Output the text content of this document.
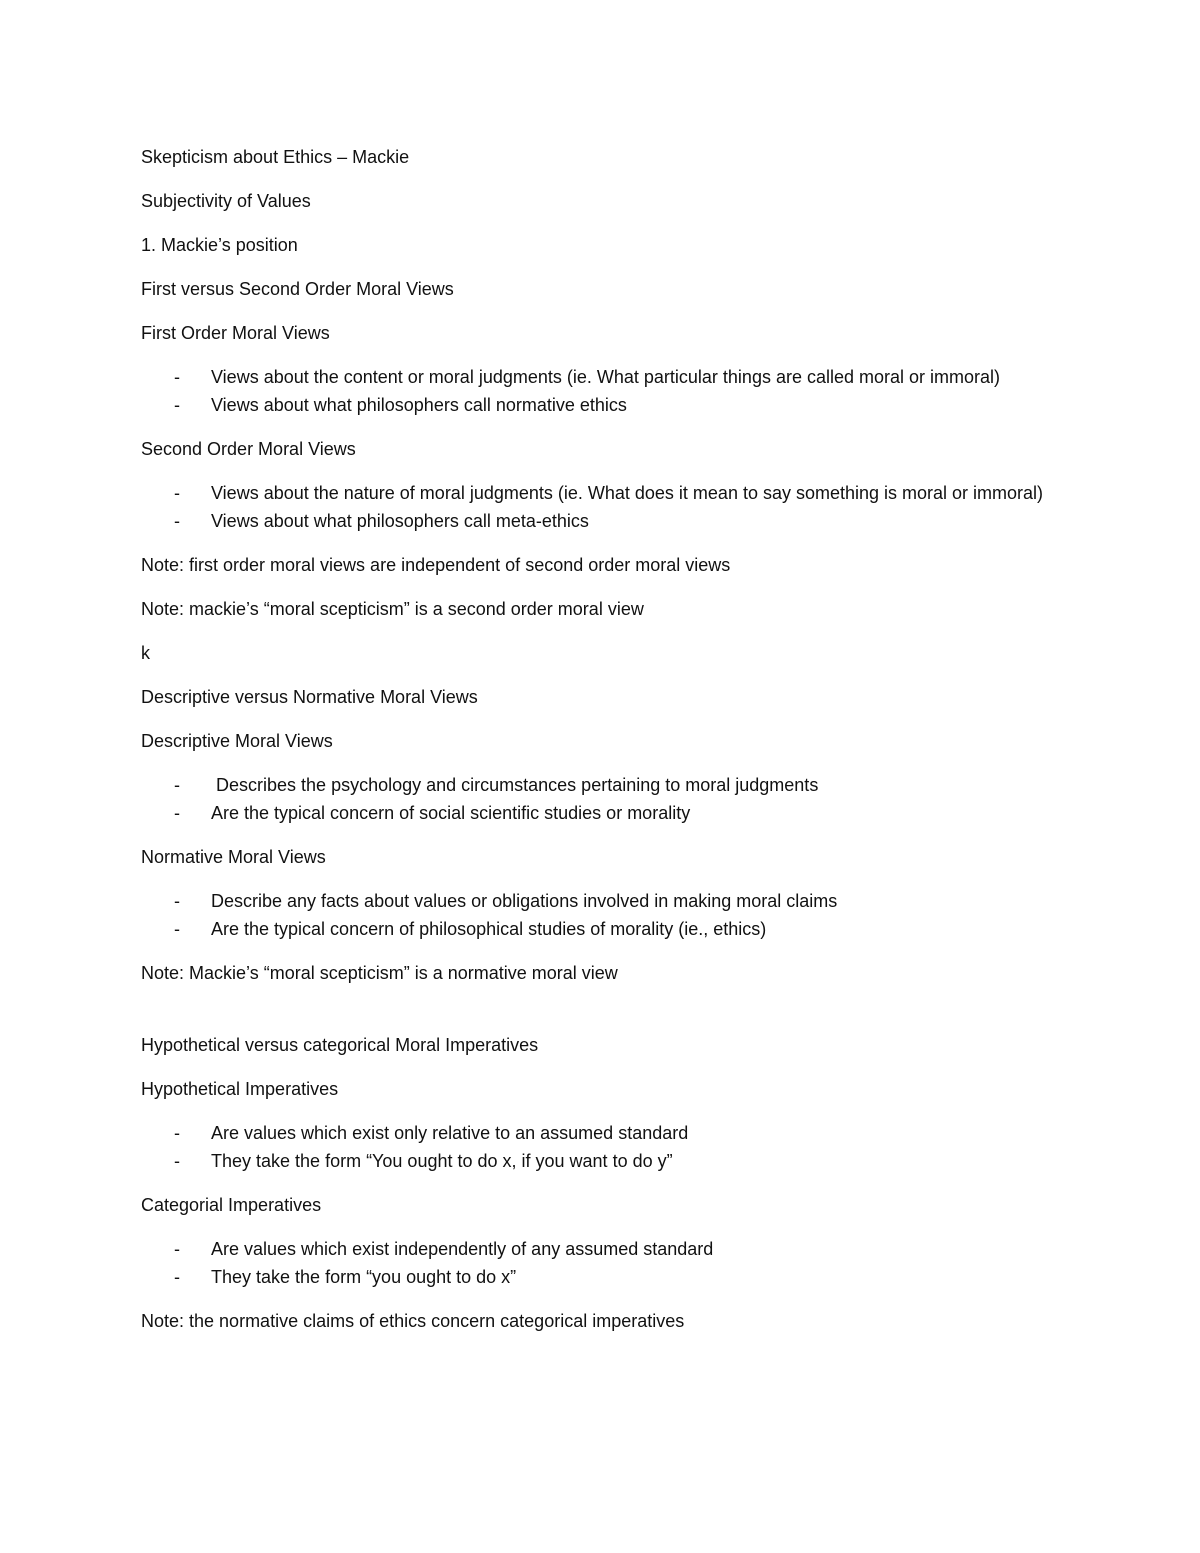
Skepticism about Ethics – Mackie

Subjectivity of Values

1. Mackie’s position

First versus Second Order Moral Views

First Order Moral Views

- Views about the content or moral judgments (ie. What particular things are called moral or immoral)
- Views about what philosophers call normative ethics

Second Order Moral Views

- Views about the nature of moral judgments (ie. What does it mean to say something is moral or immoral)
- Views about what philosophers call meta-ethics

Note: first order moral views are independent of second order moral views

Note: mackie’s “moral scepticism” is a second order moral view

k

Descriptive versus Normative Moral Views

Descriptive Moral Views

- Describes the psychology and circumstances pertaining to moral judgments
- Are the typical concern of social scientific studies or morality

Normative Moral Views

- Describe any facts about values or obligations involved in making moral claims
- Are the typical concern of philosophical studies of morality (ie., ethics)

Note: Mackie’s “moral scepticism” is a normative moral view

Hypothetical versus categorical Moral Imperatives

Hypothetical Imperatives

- Are values which exist only relative to an assumed standard
- They take the form “You ought to do x, if you want to do y”

Categorial Imperatives

- Are values which exist independently of any assumed standard
- They take the form “you ought to do x”

Note: the normative claims of ethics concern categorical imperatives
